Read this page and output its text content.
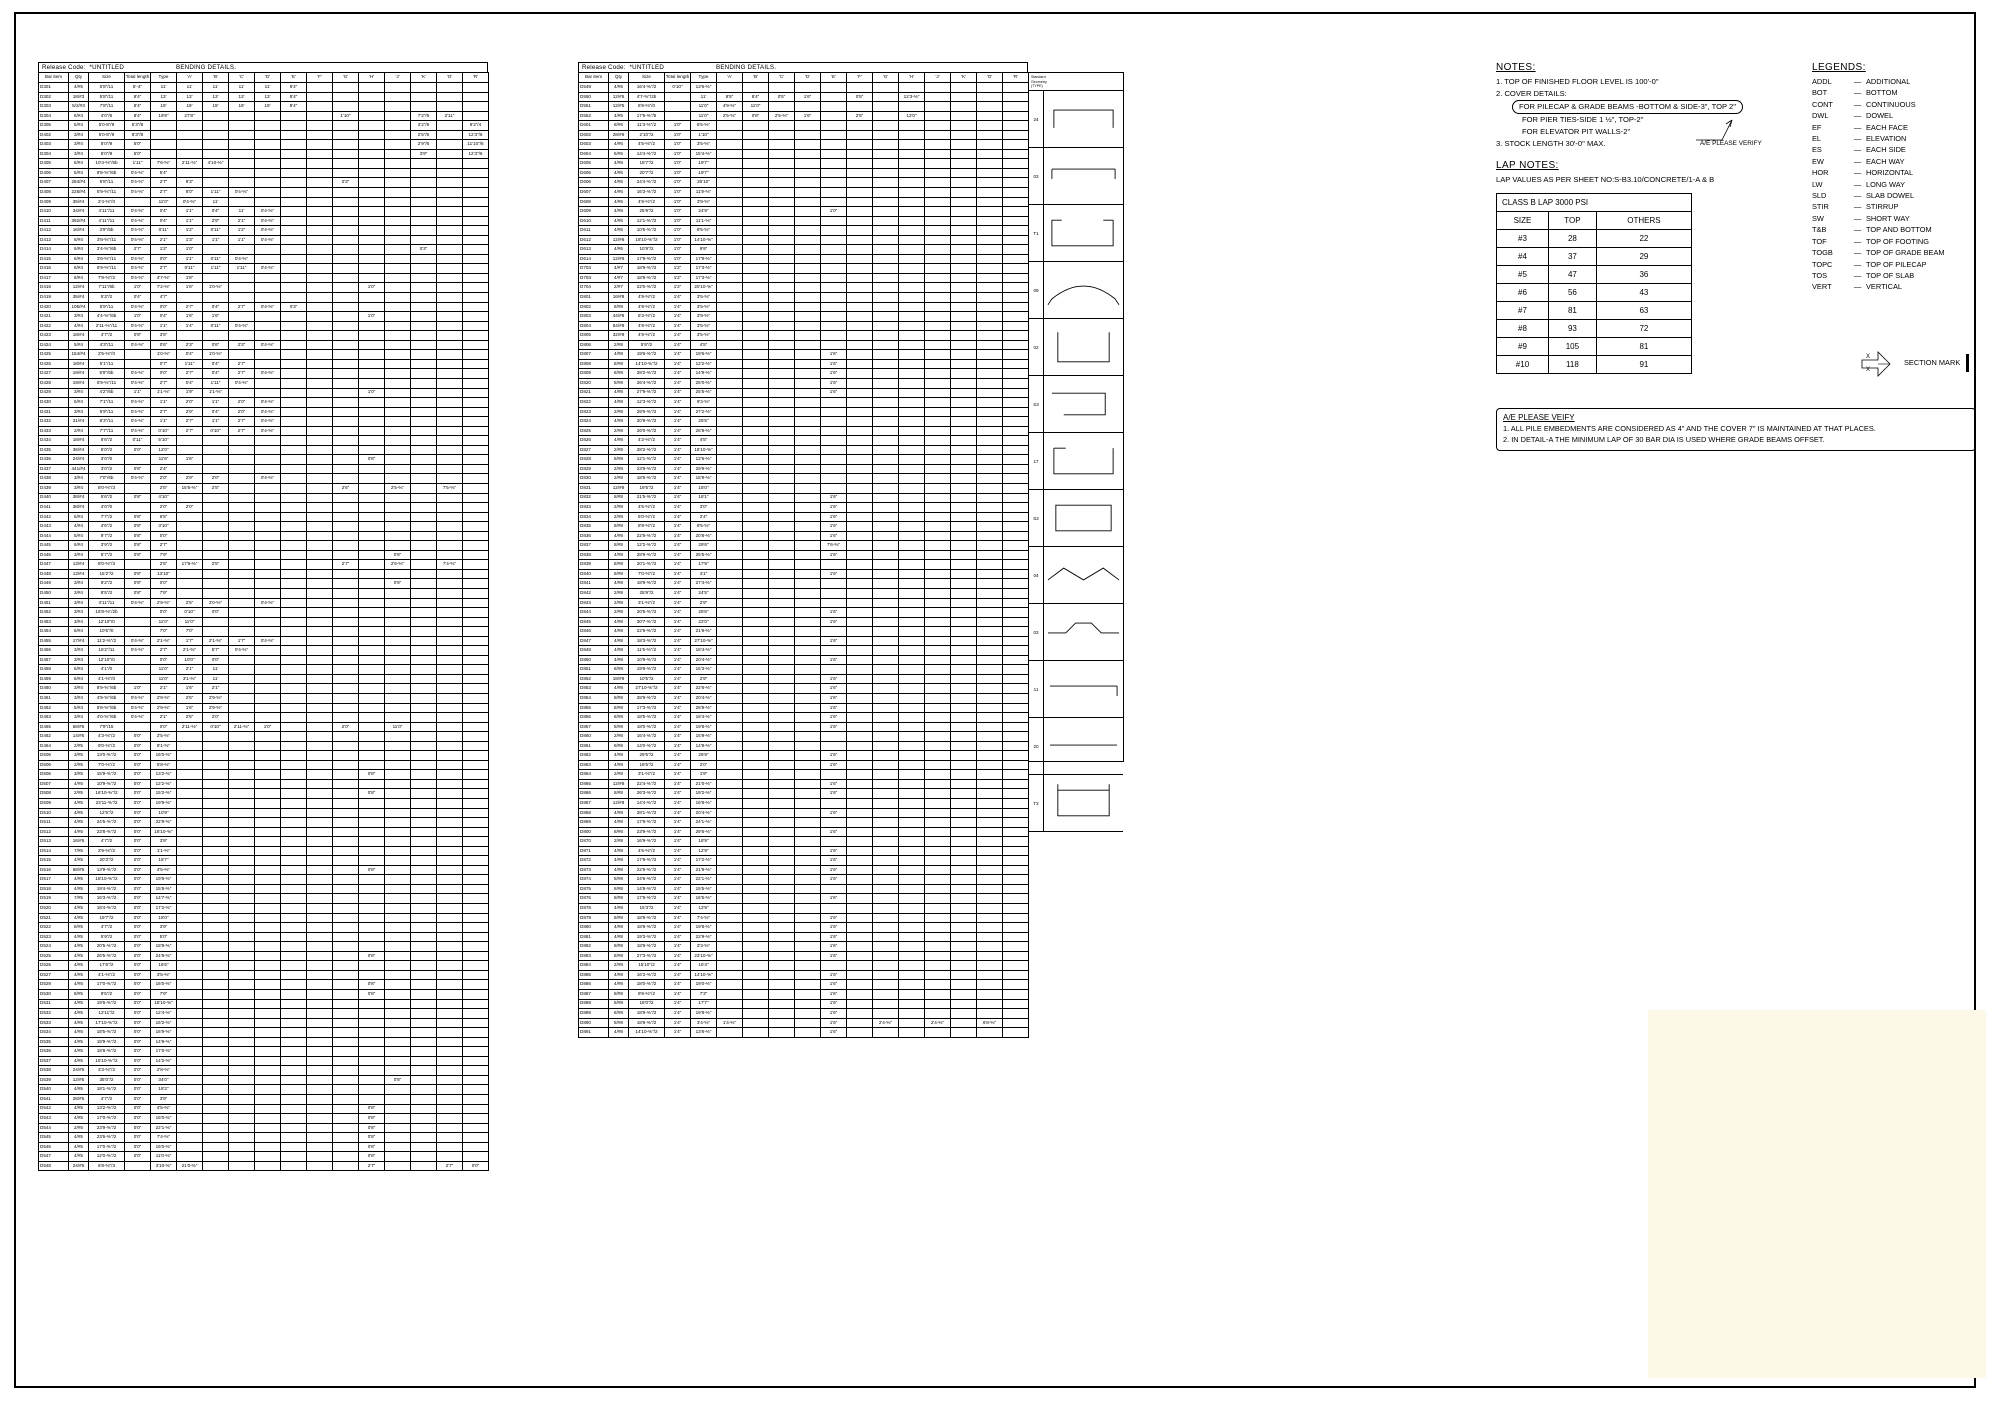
Release Code: *UNTITLED	BENDING DETAILS.
Bar item	Qty	Size	Total length	Type	'A'	'B'	'C'	'D'	'E'	'F'	'G'	'H'	'J'	'K'	'O'	'R'
D301	4/#5	5'8"/11	8'-4"	11'	11'	11'	11'	11'	8'4"							
D302	18/#3	5'8"/11	8'4"	13'	13'	13'	13'	13'	8'4"							
D303	5/2/#3	7'8"/11	8'4"	19'	19'	19'	19'	19'	8'4"							
D304	6/#4	4'0"/6	8'4"	19'8"	27'8"						1'10"			7'2"/6	2'11"	
D305	5/#4	5'0-8"/9	5'3"/8											3'2"/6		9'2"/4
D402	3/#4	5'0-8"/9	8'3"/8											2'5"/6		12'3"/6
D403	3/#4	5'0"/9	5'0"											2'9"/6		11'10"/6
D304	3/#4	5'0"/9	5'0"											3'9"		12'3"/6
D405	6/#4	10'4-%"/6b	1'11"	7'6-%"	2'11-%"	4'10-%"										
D406	5/#4	9'8-%"/6b	0'4-%"	5'4"												
D407	284/#4	5'8"/11	0'4-%"	2'7"	8'3"						0'3"					
D408	225/#4	5'9-%"/11	0'4-%"	2'7"	8'0"	1'11"	0'4-%"									
D409	35/#4	2'4-%"/0		11'0"	0'4-%"	11'										
D410	34/#4	4'11"/11	0'4-%"	0'4"	1'1"	0'4"	11'	0'4-%"								
D411	392/#4	4'11"/11	0'4-%"	0'4"	1'1"	2'9"	2'1"	0'4-%"								
D412	16/#4	3'9"/6b	0'4-%"	0'11"	1'2"	0'11"	1'2"	0'4-%"								
D413	6/#4	3'8-%"/11	0'4-%"	2'1"	1'3"	1'1"	1'1"	0'4-%"								
D414	6/#4	3'4-%"/6b	2'7"	1'2"	1'0"									0'3"		
D415	6/#4	3'6-%"/11	0'4-%"	0'0"	1'1"	0'11"	0'4-%"									
D416	6/#4	5'9-%"/11	0'4-%"	2'7"	0'11"	1'11"	1'11"	0'4-%"								
D417	6/#4	7'9-%"/2	0'4-%"	4'7-%"	1'8"											
D418	12/#4	7'11"/6b	1'0"	7'2-%"	1'6"	1'0-%"						1'0"				
D419	35/#4	5'3"/2	0'4"	4'7"												
D420	105/#4	5'9"/11	0'4-%"	0'0"	2'7"	0'4"	2'7"	0'4-%"	0'3"							
D421	3/#4	4'4-%"/6b	1'0"	0'4"	1'6"	1'6"						1'0"				
D422	4/#4	2'11-%"/11	0'4-%"	1'1"	1'4"	0'11"	0'4-%"									
D423	18/#4	4'7"/2	0'8"	3'5"												
D424	5/#4	4'3"/11	0'4-%"	0'6"	2'3"	0'6"	2'3"	0'4-%"								
D425	154/#4	2'5-%"/0		1'0-%"	0'4"	1'0-%"										
D426	18/#4	5'1"/11		0'7"	1'11"	0'4"	2'7"									
D427	19/#4	5'9"/6b	0'4-%"	0'0"	2'7"	0'4"	2'7"	0'4-%"								
D428	19/#4	5'9-%"/11	0'4-%"	2'7"	0'4"	1'11"	0'4-%"									
D429	3/#4	4'2"/6b	1'1"	1'1-%"	1'9"	1'1-%"						1'0"				
D430	6/#4	7'1"/11	0'4-%"	1'1"	2'0"	1'1"	2'0"	0'4-%"								
D431	3/#4	5'9"/11	0'4-%"	2'7"	2'9"	0'4"	2'0"	0'4-%"								
D432	31/#4	8'3"/11	0'4-%"	1'1"	2'7"	1'1"	2'7"	0'4-%"								
D433	2/#4	7'7"/11	0'4-%"	0'10"	2'7"	0'10"	2'7"	0'4-%"								
D434	18/#4	6'6"/2	0'11"	5'10"												
D435	36/#4	5'0"/2	0'0"	12'0"												
D436	24/#4	3'0"/0		11'6"	1'6"							0'8"				
D437	441/#4	3'0"/2	0'8"	2'4"												
D438	3/#4	7'0"/6b	0'4-%"	2'0"	2'9"	2'0"		0'4-%"								
D439	3/#4	8'0-%"/3		2'5"	15'6-%"	2'5"					2'6"		2'5-%"		7'5-%"	
D440	38/#4	5'6"/2	0'8"	4'10"												
D441	38/#4	4'0"/0		2'0"	2'0"											
D442	6/#4	7'7"/2	0'8"	6'5"												
D443	4/#4	4'6"/2	0'8"	3'10"												
D444	5/#4	9'7"/2	0'8"	0'0"												
D445	6/#4	3'9"/2	0'8"	2'7"												
D446	3/#4	5'7"/2	0'8"	7'9"									0'8"			
D447	13/#4	8'0-%"/3		2'5"	17'6-%"	2'5"					2'7"		2'6-%"		7'4-%"	
D448	13/#4	15'2"/2	0'8"	13'10"												
D449	3/#4	9'2"/2	0'8"	0'0"									0'8"			
D450	3/#4	8'5"/2	0'8"	7'9"												
D451	3/#4	3'11"/11	0'4-%"	2'9-%"	2'5"	2'0-%"		0'4-%"								
D452	3/#4	16'8-%"/2b		0'0"	0'10"	0'0"										
D453	3/#4	12'10"/0		11'0"	11'0"											
D454	6/#4	10'6"/0		7'0"	7'0"											
D455	17/#4	11'2-%"/2	0'4-%"	2'1-%"	1'7"	2'1-%"	1'7"	0'4-%"								
D456	3/#4	16'2"/11	0'4-%"	2'7"	2'1-%"	5'7"	0'4-%"									
D457	3/#4	12'10"/0		0'0"	10'0"	0'0"										
D458	6/#4	4'1"/0		11'0"	2'1"	11'										
D459	6/#4	4'1-%"/0		11'0"	3'1-%"	11'										
D460	3/#4	8'9-%"/6b	1'0"	2'1"	1'6"	2'1"										
D461	3/#4	4'9-%"/6b	0'4-%"	2'9-%"	2'5"	2'9-%"										
D462	5/#4	5'8-%"/6b	0'4-%"	2'9-%"	1'6"	2'9-%"										
D463	3/#4	4'0-%"/6b	0'4-%"	2'1"	2'5"	2'0"										
D465	68/#5	7'9"/15		0'0"	2'11-%"	0'10"	2'11-%"	1'0"			2'0"		11'0"			
D462	14/#5	4'3-%"/2	0'0"	2'5-%"												
D464	2/#5	9'0-%"/2	0'0"	8'1-%"												
D506	3/#5	13'0-%"/2	0'0"	16'0-%"												
D506	2/#5	7'0-%"/2	0'0"	5'8-%"												
D506	3/#5	15'9-%"/2	0'0"	13'2-%"								0'8"				
D507	4/#5	10'9-%"/2	0'0"	12'2-%"												
D508	2/#5	16'10-%"/2	0'0"	15'2-%"								0'8"				
D509	4/#5	23'11-%"/2	0'0"	19'9-%"												
D510	4/#5	12'5"/2	0'0"	10'9"												
D511	4/#5	24'5-%"/2	0'0"	22'9-%"												
D512	4/#5	23'8-%"/2	0'0"	16'10-%"												
D513	16/#5	4'7"/2	0'0"	3'9"												
D514	7/#5	2'9-%"/2	0'0"	1'1-%"												
D515	4/#5	20'3"/2	0'0"	18'7"												
D516	68/#5	13'9-%"/2	0'0"	4'5-%"								0'8"				
D517	4/#5	18'10-%"/2	0'0"	19'8-%"												
D518	4/#5	19'4-%"/2	0'0"	15'8-%"												
D519	7/#5	16'3-%"/2	0'0"	14'7-%"												
D520	4/#5	18'4-%"/2	0'0"	17'2-%"												
D521	4/#5	19'7"/2	0'0"	18'0"												
D522	8/#5	4'7"/2	0'0"	3'9"												
D523	4/#5	5'9"/2	0'0"	5'0"												
D524	4/#5	20'5-%"/2	0'0"	18'9-%"												
D525	4/#5	26'5-%"/2	0'0"	24'9-%"								0'8"				
D526	4/#5	17'6"/2	0'0"	16'6"												
D527	4/#5	4'1-%"/2	0'0"	3'5-%"												
D529	4/#5	17'0-%"/2	0'0"	16'0-%"								0'8"				
D530	8/#5	9'5"/2	0'0"	7'9"								0'8"				
D531	4/#5	19'6-%"/2	0'0"	18'10-%"												
D532	4/#5	12'11"/2	0'0"	12'4-%"												
D533	4/#5	17'10-%"/2	0'0"	16'2-%"												
D534	4/#5	18'5-%"/2	0'0"	16'9-%"												
D535	4/#5	18'9-%"/2	0'0"	14'9-%"												
D536	4/#5	18'8-%"/2	0'0"	17'0-%"												
D537	4/#5	15'10-%"/2	0'0"	14'2-%"												
D538	24/#5	3'3-%"/2	0'0"	2'8-%"												
D539	12/#5	35'0"/2	0'0"	34'0"									0'8"			
D540	4/#5	18'1-%"/2	0'0"	18'2"												
D541	28/#5	4'7"/2	0'0"	3'9"												
D542	4/#5	13'2-%"/2	0'0"	4'5-%"								0'8"				
D543	4/#5	17'0-%"/2	0'0"	16'0-%"								0'8"				
D544	2/#5	23'9-%"/2	0'0"	22'1-%"								0'8"				
D545	4/#5	23'6-%"/2	0'0"	7'4-%"								0'8"				
D546	4/#5	17'0-%"/2	0'0"	16'0-%"								0'8"				
D547	4/#5	12'0-%"/2	0'0"	11'0-%"								0'8"				
D548	24/#5	6'8-%"/3		3'10-%"	21'0-%"							2'7"			2'7"	0'0"
Release Code: *UNTITLED	BENDING DETAILS.
Bar item	Qty	Size	Total length	Type	'A'	'B'	'C'	'D'	'E'	'F'	'G'	'H'	'J'	'K'	'O'	'R'
D549	4/#5	16'4-%"/2	0'10"	13'6-%"												
D550	12/#5	4'7-%"/2b		11'	8'5"	8'4"	0'5"	1'6"		0'5"		12'3-%"				
D551	12/#5	6'9-%"/0		11'0"	4'9-%"	11'0"										
D552	4/#5	17'5-%"/5		11'0"	2'5-%"	0'8"	2'5-%"	1'6"		2'5"		12'0"				
D601	8/#6	11'3-%"/2	1'0"	6'5-%"												
D602	28/#6	2'10"/2	1'0"	1'10"												
D603	4/#6	4'5-%"/2	1'0"	3'5-%"												
D604	5/#6	14'4-%"/2	1'0"	15'4-%"												
D605	4/#6	18'7"/2	1'0"	19'7"												
D606	4/#6	20'7"/2	1'0"	19'7"												
D606	4/#6	24'4-%"/2	1'0"	26'10"												
D607	4/#6	16'3-%"/2	1'0"	11'9-%"												
D608	4/#6	4'9-%"/2	1'0"	3'9-%"												
D609	4/#6	25'9"/2	1'0"	24'9"					1'0"							
D610	4/#6	12'1-%"/2	1'0"	11'1-%"												
D611	4/#6	10'5-%"/2	1'0"	9'5-%"												
D612	12/#6	18'10-%"/2	1'0"	14'10-%"												
D613	4/#6	10'9"/2	1'0"	9'9"												
D614	12/#6	17'9-%"/2	1'0"	17'9-%"												
D703	4/#7	18'9-%"/2	1'2"	17'3-%"												
D703	4/#7	18'8-%"/2	1'2"	17'3-%"												
D704	2/#7	22'0-%"/2	1'2"	20'10-%"												
D801	16/#8	4'9-%"/2	1'4"	3'5-%"												
D802	8/#8	4'9-%"/2	1'4"	3'5-%"												
D803	44/#8	5'3-%"/2	1'4"	3'9-%"												
D804	64/#8	4'9-%"/2	1'4"	3'5-%"												
D805	32/#8	4'9-%"/2	1'4"	3'5-%"												
D806	2/#8	5'9"/2	1'4"	4'5"												
D807	4/#8	19'6-%"/2	1'4"	19'6-%"					1'6"							
D808	8/#8	14'10-%"/2	1'4"	12'2-%"					1'6"							
D809	8/#8	28'2-%"/2	1'4"	14'9-%"					1'6"							
D820	8/#8	26'4-%"/2	1'4"	25'0-%"					1'6"							
D821	4/#8	27'9-%"/2	1'4"	25'5-%"					1'6"							
D822	4/#8	12'3-%"/2	1'4"	9'3-%"												
D823	2/#8	28'6-%"/2	1'4"	27'2-%"												
D824	4/#8	20'9-%"/2	1'4"	26'5"												
D825	2/#8	26'0-%"/2	1'4"	28'8-%"												
D826	4/#8	4'2-%"/2	1'4"	4'5"												
D827	2/#8	28'2-%"/2	1'4"	18'10-%"												
D828	8/#8	12'1-%"/2	1'4"	12'6-%"												
D829	2/#8	23'9-%"/2	1'4"	29'9-%"												
D830	2/#8	18'5-%"/2	1'4"	18'9-%"												
D831	12/#8	19'5"/2	1'4"	18'0"												
D832	8/#8	21'5-%"/2	1'4"	18'1"					1'6"							
D833	2/#8	4'5-%"/2	1'4"	3'0"					1'6"							
D834	2/#8	5'0-%"/2	1'4"	2'4"					1'6"							
D835	8/#8	8'9-%"/2	1'4"	9'5-%"					1'6"							
D836	4/#8	22'8-%"/2	1'4"	20'8-%"					1'6"							
D837	8/#8	12'2-%"/2	1'4"	29'6"					7'6-%"							
D838	4/#8	28'9-%"/2	1'4"	25'5-%"					1'6"							
D839	8/#8	20'1-%"/2	1'4"	17'9"												
D840	8/#8	7'0-%"/2	1'4"	4'1"					1'6"							
D841	4/#8	18'9-%"/2	1'4"	27'4-%"												
D842	2/#8	25'9"/2	1'4"	24'5"												
D843	2/#8	3'1-%"/2	1'4"	2'9"												
D844	2/#8	20'5-%"/2	1'4"	25'6"					1'6"							
D845	4/#8	30'7-%"/2	1'4"	22'0"					1'6"							
D846	4/#8	22'9-%"/2	1'4"	21'9-%"												
D847	4/#8	18'3-%"/2	1'4"	27'10-%"					1'6"							
D848	4/#8	11'5-%"/2	1'4"	18'4-%"												
D850	4/#8	10'9-%"/2	1'4"	20'4-%"					1'6"							
D851	8/#8	19'8-%"/2	1'4"	16'3-%"												
D852	18/#8	10'5"/2	1'4"	2'9"					1'6"							
D853	4/#8	27'10-%"/2	1'4"	22'6-%"					1'6"							
D854	8/#8	28'9-%"/2	1'4"	20'4-%"					1'6"							
D855	8/#8	17'3-%"/2	1'4"	28'9-%"					1'6"							
D856	8/#8	18'5-%"/2	1'4"	18'4-%"					1'6"							
D857	8/#8	18'0-%"/2	1'4"	19'8-%"					1'6"							
D860	2/#8	16'4-%"/2	1'4"	15'9-%"												
D861	8/#8	14'0-%"/2	1'4"	14'9-%"												
D862	4/#8	29'5"/2	1'4"	26'9"					1'6"							
D863	4/#8	18'5"/2	1'4"	2'0"					1'6"							
D864	2/#8	3'1-%"/2	1'4"	1'9"												
D865	12/#8	22'4-%"/2	1'4"	21'0-%"					1'6"							
D866	8/#8	26'3-%"/2	1'4"	19'2-%"					1'6"							
D867	12/#8	14'4-%"/2	1'4"	16'8-%"												
D868	4/#8	28'1-%"/2	1'4"	20'4-%"					1'6"							
D869	4/#8	17'8-%"/2	1'4"	24'1-%"												
D800	8/#8	23'9-%"/2	1'4"	29'5-%"					1'6"							
D870	2/#8	16'9-%"/2	1'4"	18'9"												
D871	4/#8	4'5-%"/2	1'4"	12'9"					1'6"							
D872	4/#8	17'8-%"/2	1'4"	17'2-%"					1'6"							
D873	4/#8	22'9-%"/2	1'4"	21'9-%"					1'6"							
D874	8/#8	24'6-%"/2	1'4"	22'1-%"					1'6"							
D875	8/#8	14'8-%"/2	1'4"	15'5-%"												
D876	8/#8	17'9-%"/2	1'4"	16'5-%"					1'6"							
D878	4/#8	15'3"/2	1'4"	12'9"												
D879	8/#8	18'8-%"/2	1'4"	7'4-%"					1'6"							
D880	4/#8	18'8-%"/2	1'4"	19'8-%"					1'6"							
D881	4/#8	19'3-%"/2	1'4"	22'9-%"					1'6"							
D882	8/#8	18'8-%"/2	1'4"	3'3-%"					1'6"							
D883	8/#8	27'3-%"/2	1'4"	23'10-%"					1'6"							
D884	2/#8	15'10"/2	1'4"	16'4"												
D885	4/#8	16'3-%"/2	1'4"	14'10-%"					1'6"							
D886	4/#8	18'0-%"/2	1'4"	19'0-%"					1'6"							
D887	8/#8	9'9-%"/2	1'4"	7'3"					1'6"							
D888	8/#8	18'0"/2	1'4"	17'7"					1'6"							
D889	8/#8	18'8-%"/2	1'4"	19'8-%"					1'6"							
D890	8/#8	18'8-%"/2	1'4"	3'4-%"	1'4-%"				1'6"		2'4-%"		2'4-%"		6'8-%"	
D891	4/#8	14'10-%"/2	1'4"	13'6-%"					1'6"							
Standard
Geometry
(TYPE)
24
03
T1
09
02
S3
17
S2
04
03
11
20
T2
NOTES:
1. TOP OF FINISHED FLOOR LEVEL IS 100'-0"
2. COVER DETAILS:
FOR PILECAP & GRADE BEAMS -BOTTOM & SIDE-3", TOP 2"
FOR PIER TIES-SIDE 1 ½", TOP-2"
FOR ELEVATOR PIT WALLS-2"
3. STOCK LENGTH 30'-0" MAX.
LAP NOTES:
LAP VALUES AS PER SHEET NO:S-B3.10/CONCRETE/1-A & B
CLASS B LAP 3000 PSI		
SIZE	TOP	OTHERS
#3	28	22
#4	37	29
#5	47	36
#6	56	43
#7	81	63
#8	93	72
#9	105	81
#10	118	91
A/E PLEASE VERIFY
A/E PLEASE VEIFY
1. ALL PILE EMBEDMENTS ARE CONSIDERED AS 4" AND THE COVER 7" IS MAINTAINED AT THAT PLACES.
2. IN DETAIL-A THE MINIMUM LAP OF 30 BAR DIA IS USED WHERE GRADE BEAMS OFFSET.
LEGENDS:
ADDL	— ADDITIONAL
BOT	— BOTTOM
CONT	— CONTINUOUS
DWL	— DOWEL
EF	— EACH FACE
EL	— ELEVATION
ES	— EACH SIDE
EW	— EACH WAY
HOR	— HORIZONTAL
LW	— LONG WAY
SLD	— SLAB DOWEL
STIR	— STIRRUP
SW	— SHORT WAY
T&B	— TOP AND BOTTOM
TOF	— TOP OF FOOTING
TOGB	— TOP OF GRADE BEAM
TOPC	— TOP OF PILECAP
TOS	— TOP OF SLAB
VERT	— VERTICAL
X
X
SECTION MARK
